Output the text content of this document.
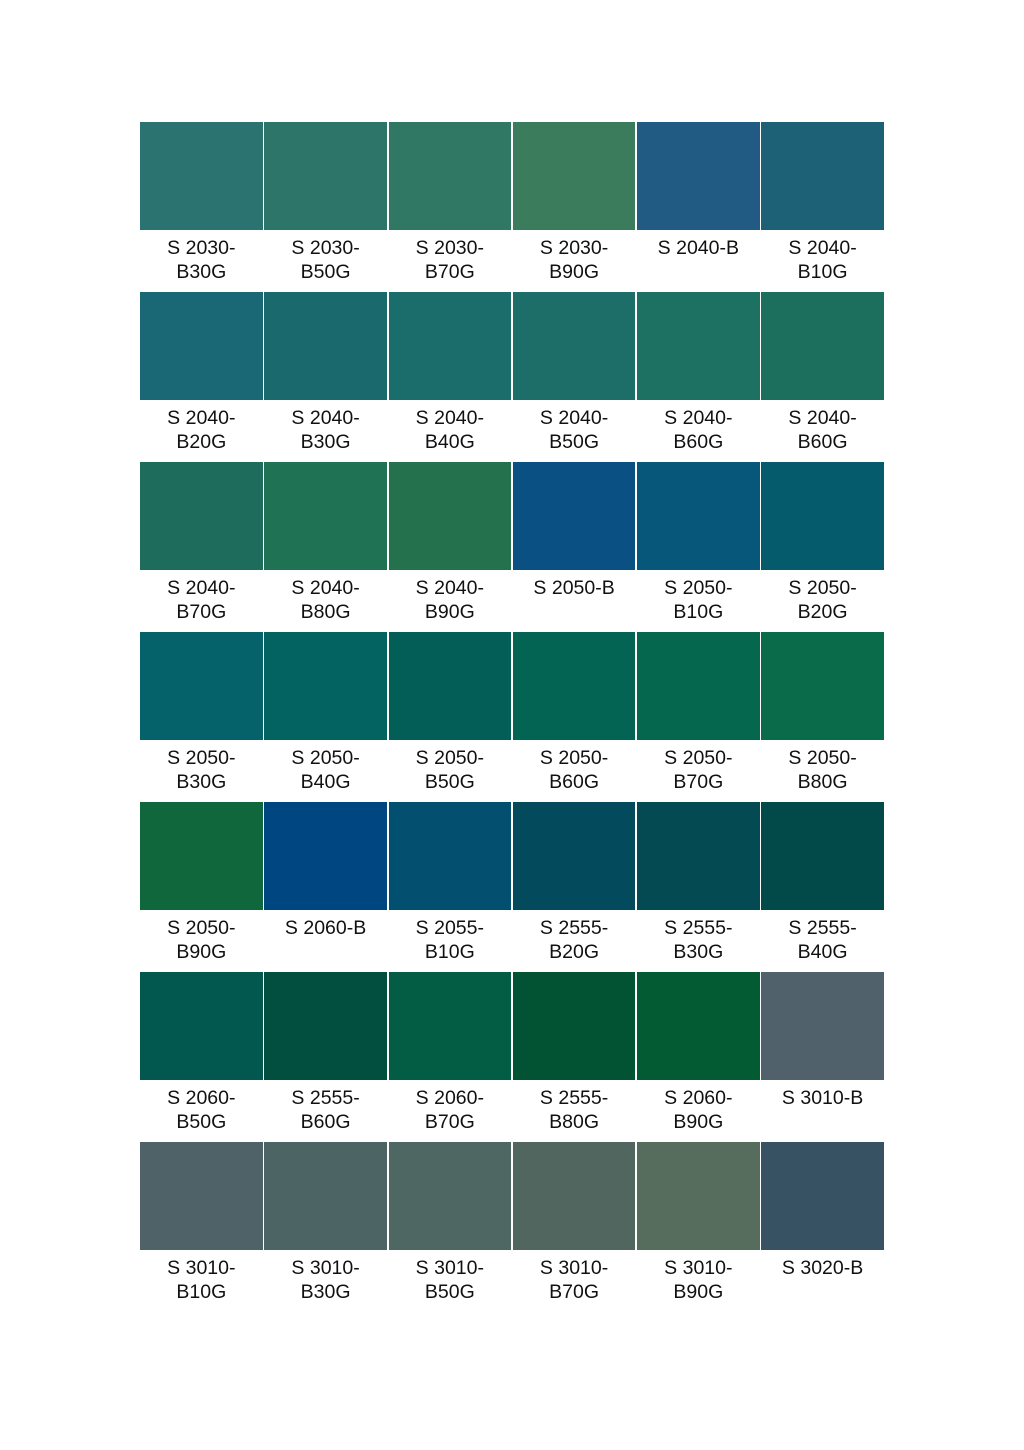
S 2030-
B30G
S 2030-
B50G
S 2030-
B70G
S 2030-
B90G
S 2040-B	S 2040-
B10G
S 2040-
B20G
S 2040-
B30G
S 2040-
B40G
S 2040-
B50G
S 2040-
B60G
S 2040-
B60G
S 2040-
B70G
S 2040-
B80G
S 2040-
B90G
S 2050-B	S 2050-
B10G
S 2050-
B20G
S 2050-
B30G
S 2050-
B40G
S 2050-
B50G
S 2050-
B60G
S 2050-
B70G
S 2050-
B80G
S 2050-
B90G
S 2060-B	S 2055-
B10G
S 2555-
B20G
S 2555-
B30G
S 2555-
B40G
S 2060-
B50G
S 2555-
B60G
S 2060-
B70G
S 2555-
B80G
S 2060-
B90G
S 3010-B
S 3010-
B10G
S 3010-
B30G
S 3010-
B50G
S 3010-
B70G
S 3010-
B90G
S 3020-B
